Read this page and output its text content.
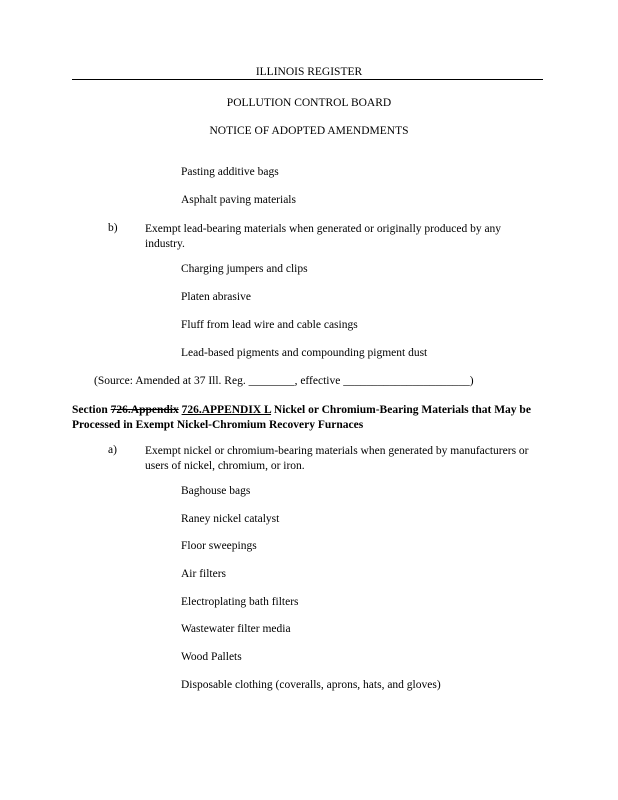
ILLINOIS REGISTER
POLLUTION CONTROL BOARD
NOTICE OF ADOPTED AMENDMENTS
Pasting additive bags
Asphalt paving materials
b) Exempt lead-bearing materials when generated or originally produced by any industry.
Charging jumpers and clips
Platen abrasive
Fluff from lead wire and cable casings
Lead-based pigments and compounding pigment dust
(Source: Amended at 37 Ill. Reg. ________, effective ______________________)
Section 726.Appendix 726.APPENDIX L Nickel or Chromium-Bearing Materials that May be Processed in Exempt Nickel-Chromium Recovery Furnaces
a) Exempt nickel or chromium-bearing materials when generated by manufacturers or users of nickel, chromium, or iron.
Baghouse bags
Raney nickel catalyst
Floor sweepings
Air filters
Electroplating bath filters
Wastewater filter media
Wood Pallets
Disposable clothing (coveralls, aprons, hats, and gloves)
